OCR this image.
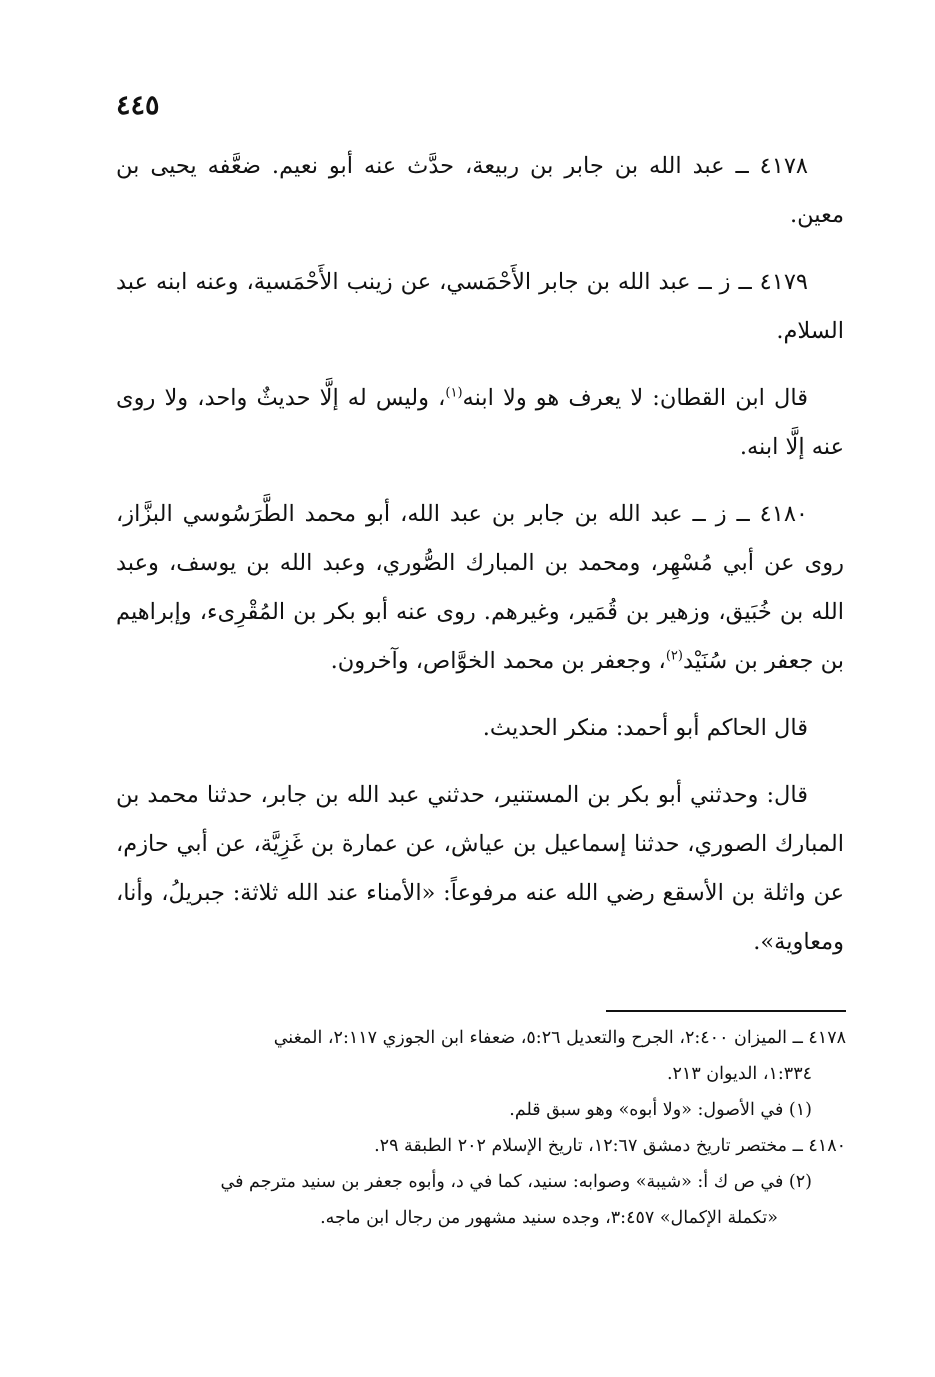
٤٤٥

٤١٧٨ ــ عبد الله بن جابر بن ربيعة، حدَّث عنه أبو نعيم. ضعَّفه يحيى بن معين.

٤١٧٩ ــ ز ــ عبد الله بن جابر الأَحْمَسي، عن زينب الأَحْمَسية، وعنه ابنه عبد السلام.

قال ابن القطان: لا يعرف هو ولا ابنه$^{(١)}$، وليس له إلَّا حديثٌ واحد، ولا روى عنه إلَّا ابنه.

٤١٨٠ ــ ز ــ عبد الله بن جابر بن عبد الله، أبو محمد الطَّرَسُوسي البزَّاز، روى عن أبي مُسْهِر، ومحمد بن المبارك الصُّوري، وعبد الله بن يوسف، وعبد الله بن خُبَيق، وزهير بن قُمَير، وغيرهم. روى عنه أبو بكر بن المُقْرِىء، وإبراهيم بن جعفر بن سُنَيْد$^{(٢)}$، وجعفر بن محمد الخوَّاص، وآخرون.

قال الحاكم أبو أحمد: منكر الحديث.

قال: وحدثني أبو بكر بن المستنير، حدثني عبد الله بن جابر، حدثنا محمد بن المبارك الصوري، حدثنا إسماعيل بن عياش، عن عمارة بن غَزِيَّة، عن أبي حازم، عن واثلة بن الأسقع رضي الله عنه مرفوعاً: «الأمناء عند الله ثلاثة: جبريلُ، وأنا، ومعاوية».

٤١٧٨ ــ الميزان ٢:٤٠٠، الجرح والتعديل ٥:٢٦، ضعفاء ابن الجوزي ٢:١١٧، المغني
١:٣٣٤، الديوان ٢١٣.

(١) في الأصول: «ولا أبوه» وهو سبق قلم.

٤١٨٠ ــ مختصر تاريخ دمشق ١٢:٦٧، تاريخ الإسلام ٢٠٢ الطبقة ٢٩.

(٢) في ص ك أ: «شيبة» وصوابه: سنيد، كما في د، وأبوه جعفر بن سنيد مترجم في
«تكملة الإكمال» ٣:٤٥٧، وجده سنيد مشهور من رجال ابن ماجه.
